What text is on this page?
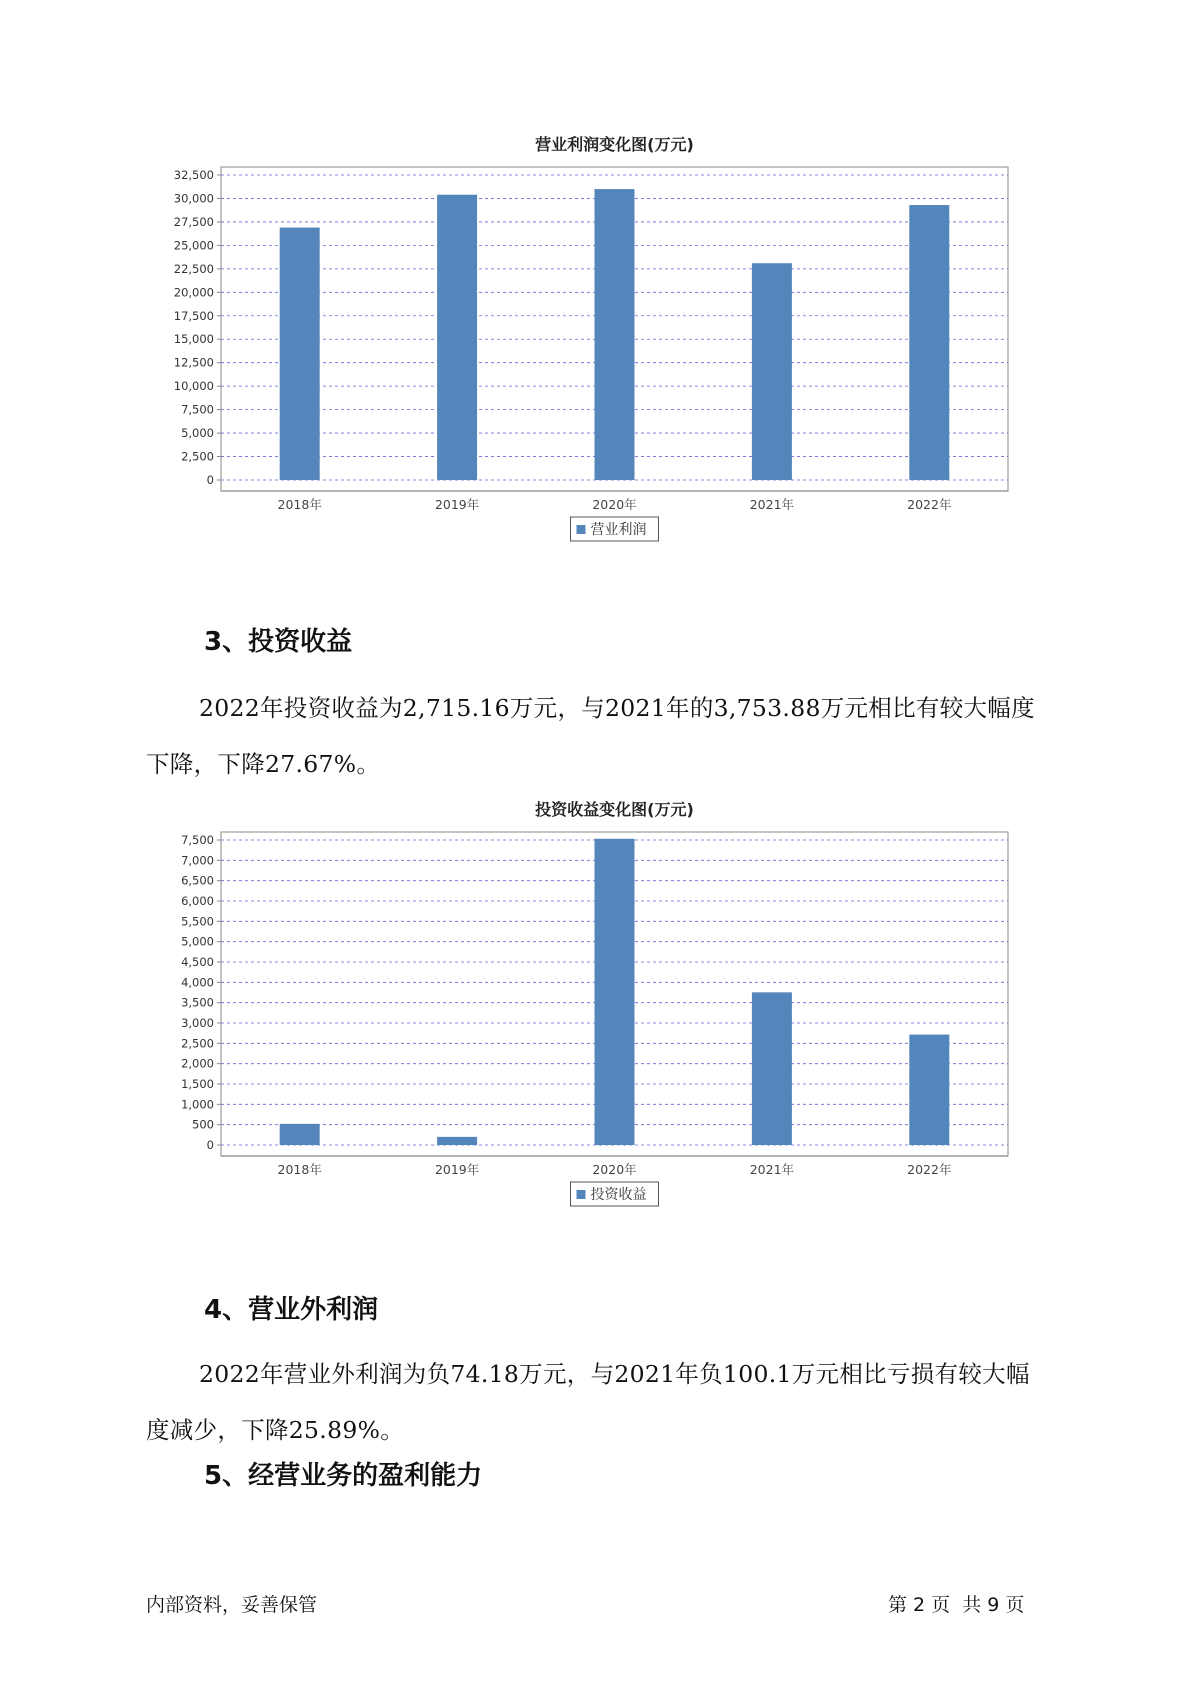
营业利润变化图(万元)
0
2,500
5,000
7,500
10,000
12,500
15,000
17,500
20,000
22,500
25,000
27,500
30,000
32,500
2018年	2019年	2020年	2021年	2022年
营业利润
3、投资收益

2022年投资收益为2,715.16万元，与2021年的3,753.88万元相比有较大幅度下降，下降27.67%。

投资收益变化图(万元)
0
500
1,000
1,500
2,000
2,500
3,000
3,500
4,000
4,500
5,000
5,500
6,000
6,500
7,000
7,500
2018年	2019年	2020年	2021年	2022年
投资收益
4、营业外利润

2022年营业外利润为负74.18万元，与2021年负100.1万元相比亏损有较大幅度减少，下降25.89%。

5、经营业务的盈利能力
内部资料，妥善保管	第 2 页  共 9 页
